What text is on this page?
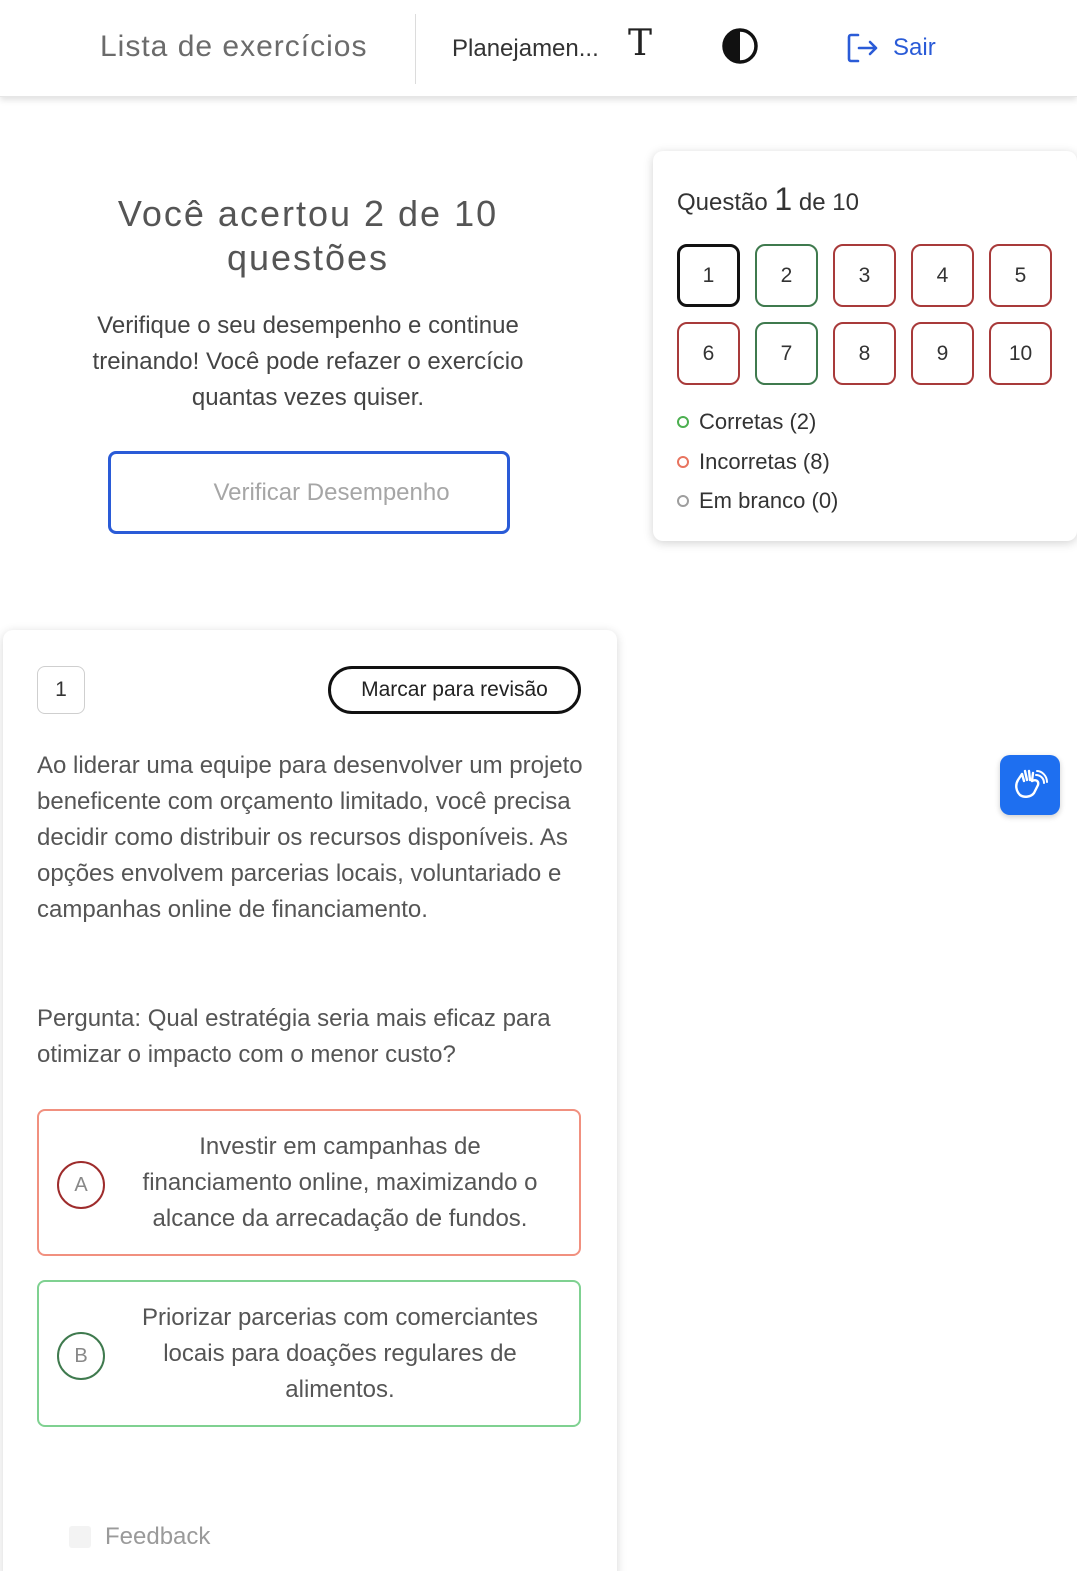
Lista de exercícios	Planejamen... T	Sair
Você acertou 2 de 10 questões
Verifique o seu desempenho e continue treinando! Você pode refazer o exercício quantas vezes quiser.
Verificar Desempenho
Questão 1 de 10
1	2	3	4	5
6	7	8	9	10
Corretas (2)
Incorretas (8)
Em branco (0)
1	Marcar para revisão
Ao liderar uma equipe para desenvolver um projeto beneficente com orçamento limitado, você precisa decidir como distribuir os recursos disponíveis. As opções envolvem parcerias locais, voluntariado e campanhas online de financiamento.
Pergunta: Qual estratégia seria mais eficaz para otimizar o impacto com o menor custo?
A
Investir em campanhas de financiamento online, maximizando o alcance da arrecadação de fundos.
B
Priorizar parcerias com comerciantes locais para doações regulares de alimentos.
Feedback
